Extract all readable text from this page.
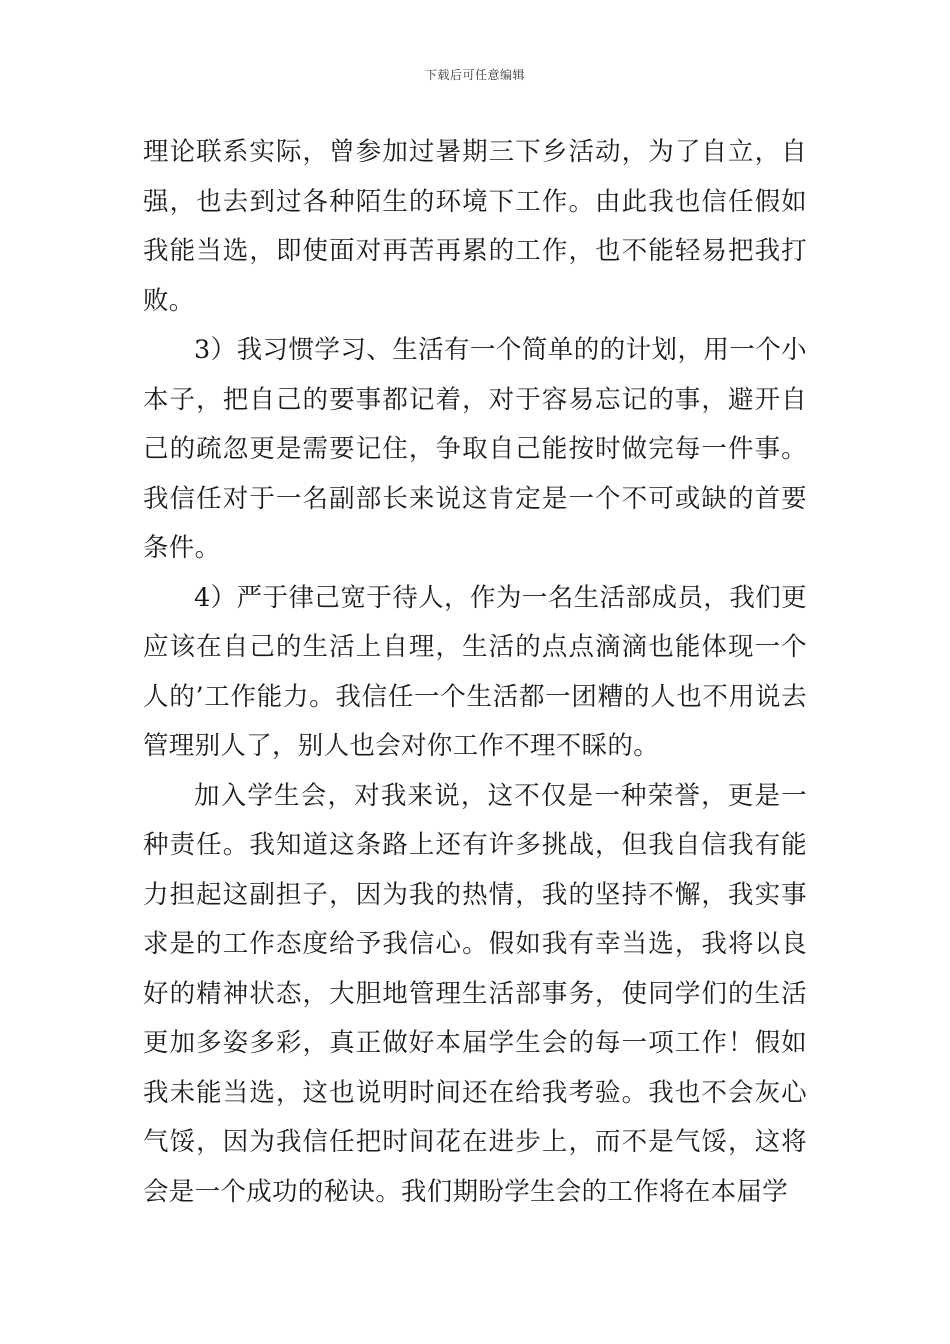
下载后可任意编辑

理论联系实际，曾参加过暑期三下乡活动，为了自立，自强，也去到过各种陌生的环境下工作。由此我也信任假如我能当选，即使面对再苦再累的工作，也不能轻易把我打败。

3）我习惯学习、生活有一个简单的的计划，用一个小本子，把自己的要事都记着，对于容易忘记的事，避开自己的疏忽更是需要记住，争取自己能按时做完每一件事。我信任对于一名副部长来说这肯定是一个不可或缺的首要条件。

4）严于律己宽于待人，作为一名生活部成员，我们更应该在自己的生活上自理，生活的点点滴滴也能体现一个人的’工作能力。我信任一个生活都一团糟的人也不用说去管理别人了，别人也会对你工作不理不睬的。

加入学生会，对我来说，这不仅是一种荣誉，更是一种责任。我知道这条路上还有许多挑战，但我自信我有能力担起这副担子，因为我的热情，我的坚持不懈，我实事求是的工作态度给予我信心。假如我有幸当选，我将以良好的精神状态，大胆地管理生活部事务，使同学们的生活更加多姿多彩，真正做好本届学生会的每一项工作！假如我未能当选，这也说明时间还在给我考验。我也不会灰心气馁，因为我信任把时间花在进步上，而不是气馁，这将会是一个成功的秘诀。我们期盼学生会的工作将在本届学
